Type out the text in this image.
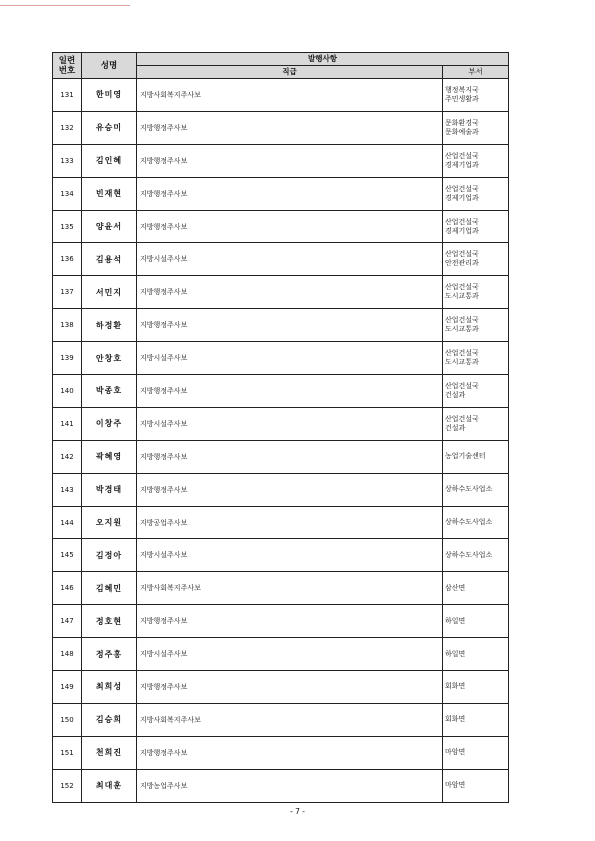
일련
번호	성명	발행사항	
		직급	부서
131	한미영	지방사회복지주사보	행정복지국
주민생활과

132	유승미	지방행정주사보	문화환경국
문화예술과

133	김인혜	지방행정주사보	산업건설국
경제기업과

134	빈재현	지방행정주사보	산업건설국
경제기업과

135	양윤서	지방행정주사보	산업건설국
경제기업과

136	김용석	지방시설주사보	산업건설국
안전관리과

137	서민지	지방행정주사보	산업건설국
도시교통과

138	하정환	지방행정주사보	산업건설국
도시교통과

139	안창호	지방시설주사보	산업건설국
도시교통과

140	박종호	지방행정주사보	산업건설국
건설과

141	이창주	지방시설주사보	산업건설국
건설과

142	곽혜영	지방행정주사보	농업기술센터

143	박경태	지방행정주사보	상하수도사업소

144	오지원	지방공업주사보	상하수도사업소

145	김정아	지방시설주사보	상하수도사업소

146	김혜민	지방사회복지주사보	삼산면

147	정호현	지방행정주사보	하일면

148	정주홍	지방시설주사보	하일면

149	최희성	지방행정주사보	회화면

150	김승희	지방사회복지주사보	회화면

151	천희진	지방행정주사보	마암면

152	최대훈	지방농업주사보	마암면
- 7 -
